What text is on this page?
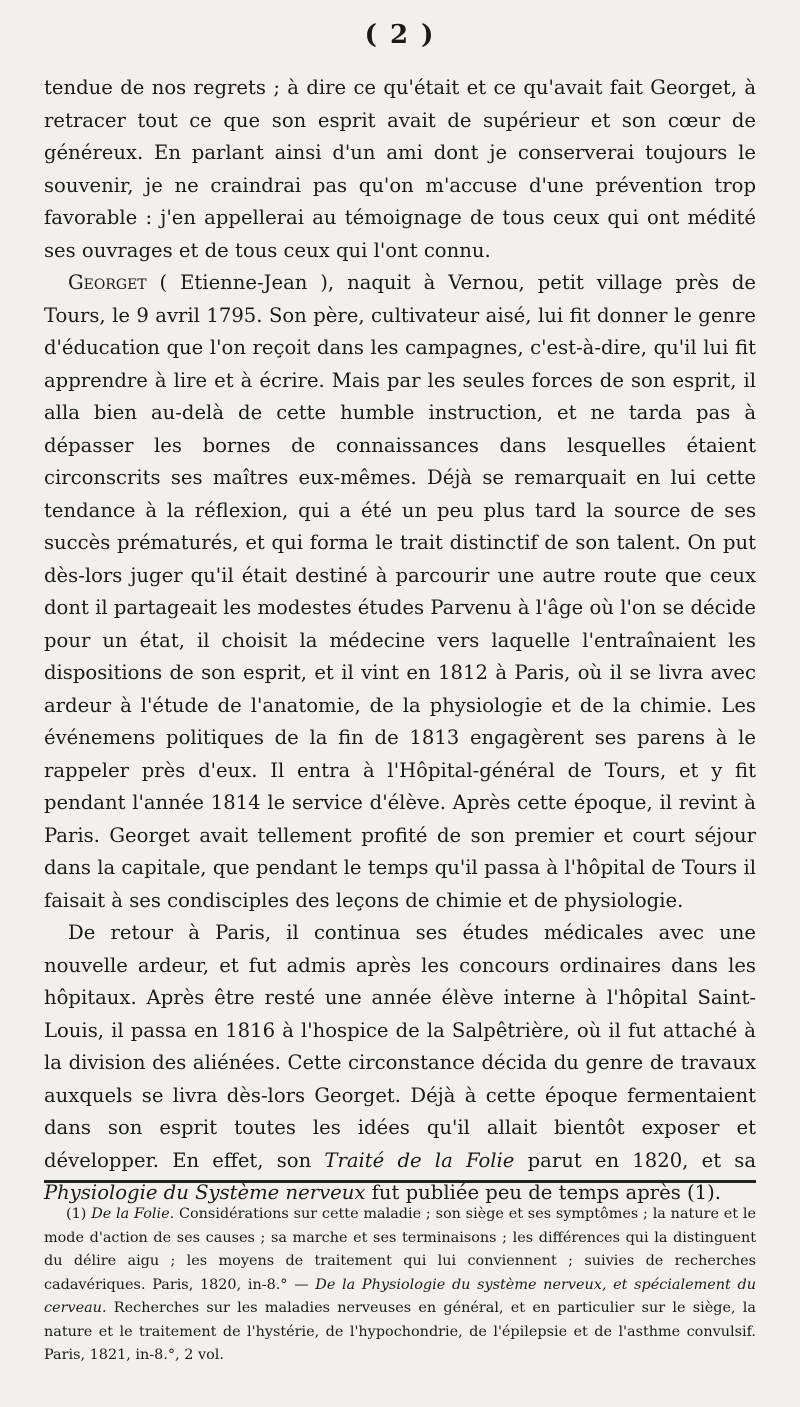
( 2 )

tendue de nos regrets ; à dire ce qu'était et ce qu'avait fait Georget, à retracer tout ce que son esprit avait de supérieur et son cœur de généreux. En parlant ainsi d'un ami dont je conserverai toujours le souvenir, je ne craindrai pas qu'on m'accuse d'une prévention trop favorable : j'en appellerai au témoignage de tous ceux qui ont médité ses ouvrages et de tous ceux qui l'ont connu.

Georget ( Etienne-Jean ), naquit à Vernou, petit village près de Tours, le 9 avril 1795. Son père, cultivateur aisé, lui fit donner le genre d'éducation que l'on reçoit dans les campagnes, c'est-à-dire, qu'il lui fit apprendre à lire et à écrire. Mais par les seules forces de son esprit, il alla bien au-delà de cette humble instruction, et ne tarda pas à dépasser les bornes de connaissances dans lesquelles étaient circonscrits ses maîtres eux-mêmes. Déjà se remarquait en lui cette tendance à la réflexion, qui a été un peu plus tard la source de ses succès prématurés, et qui forma le trait distinctif de son talent. On put dès-lors juger qu'il était destiné à parcourir une autre route que ceux dont il partageait les modestes études Parvenu à l'âge où l'on se décide pour un état, il choisit la médecine vers laquelle l'entraînaient les dispositions de son esprit, et il vint en 1812 à Paris, où il se livra avec ardeur à l'étude de l'anatomie, de la physiologie et de la chimie. Les événemens politiques de la fin de 1813 engagèrent ses parens à le rappeler près d'eux. Il entra à l'Hôpital-général de Tours, et y fit pendant l'année 1814 le service d'élève. Après cette époque, il revint à Paris. Georget avait tellement profité de son premier et court séjour dans la capitale, que pendant le temps qu'il passa à l'hôpital de Tours il faisait à ses condisciples des leçons de chimie et de physiologie.

De retour à Paris, il continua ses études médicales avec une nouvelle ardeur, et fut admis après les concours ordinaires dans les hôpitaux. Après être resté une année élève interne à l'hôpital Saint-Louis, il passa en 1816 à l'hospice de la Salpêtrière, où il fut attaché à la division des aliénées. Cette circonstance décida du genre de travaux auxquels se livra dès-lors Georget. Déjà à cette époque fermentaient dans son esprit toutes les idées qu'il allait bientôt exposer et développer. En effet, son Traité de la Folie parut en 1820, et sa Physiologie du Système nerveux fut publiée peu de temps après (1).

(1) De la Folie. Considérations sur cette maladie ; son siège et ses symptômes ; la nature et le mode d'action de ses causes ; sa marche et ses terminaisons ; les différences qui la distinguent du délire aigu ; les moyens de traitement qui lui conviennent ; suivies de recherches cadavériques. Paris, 1820, in-8.° — De la Physiologie du système nerveux, et spécialement du cerveau. Recherches sur les maladies nerveuses en général, et en particulier sur le siège, la nature et le traitement de l'hystérie, de l'hypochondrie, de l'épilepsie et de l'asthme convulsif. Paris, 1821, in-8.°, 2 vol.
